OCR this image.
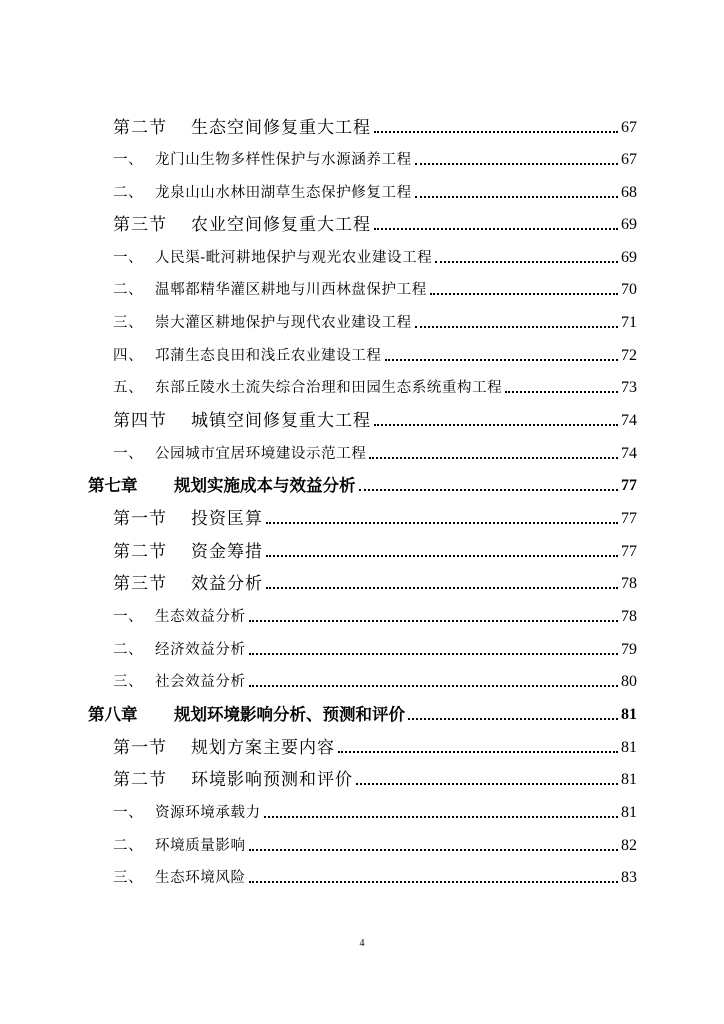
第二节	生态空间修复重大工程	67
一、 龙门山生物多样性保护与水源涵养工程	67
二、 龙泉山山水林田湖草生态保护修复工程	68
第三节	农业空间修复重大工程	69
一、 人民渠-毗河耕地保护与观光农业建设工程	69
二、 温郫都精华灌区耕地与川西林盘保护工程	70
三、 崇大灌区耕地保护与现代农业建设工程	71
四、 邛蒲生态良田和浅丘农业建设工程	72
五、 东部丘陵水土流失综合治理和田园生态系统重构工程	73
第四节	城镇空间修复重大工程	74
一、 公园城市宜居环境建设示范工程	74
第七章	规划实施成本与效益分析	77
第一节	投资匡算	77
第二节	资金筹措	77
第三节	效益分析	78
一、 生态效益分析	78
二、 经济效益分析	79
三、 社会效益分析	80
第八章	规划环境影响分析、预测和评价	81
第一节	规划方案主要内容	81
第二节	环境影响预测和评价	81
一、 资源环境承载力	81
二、 环境质量影响	82
三、 生态环境风险	83
4
